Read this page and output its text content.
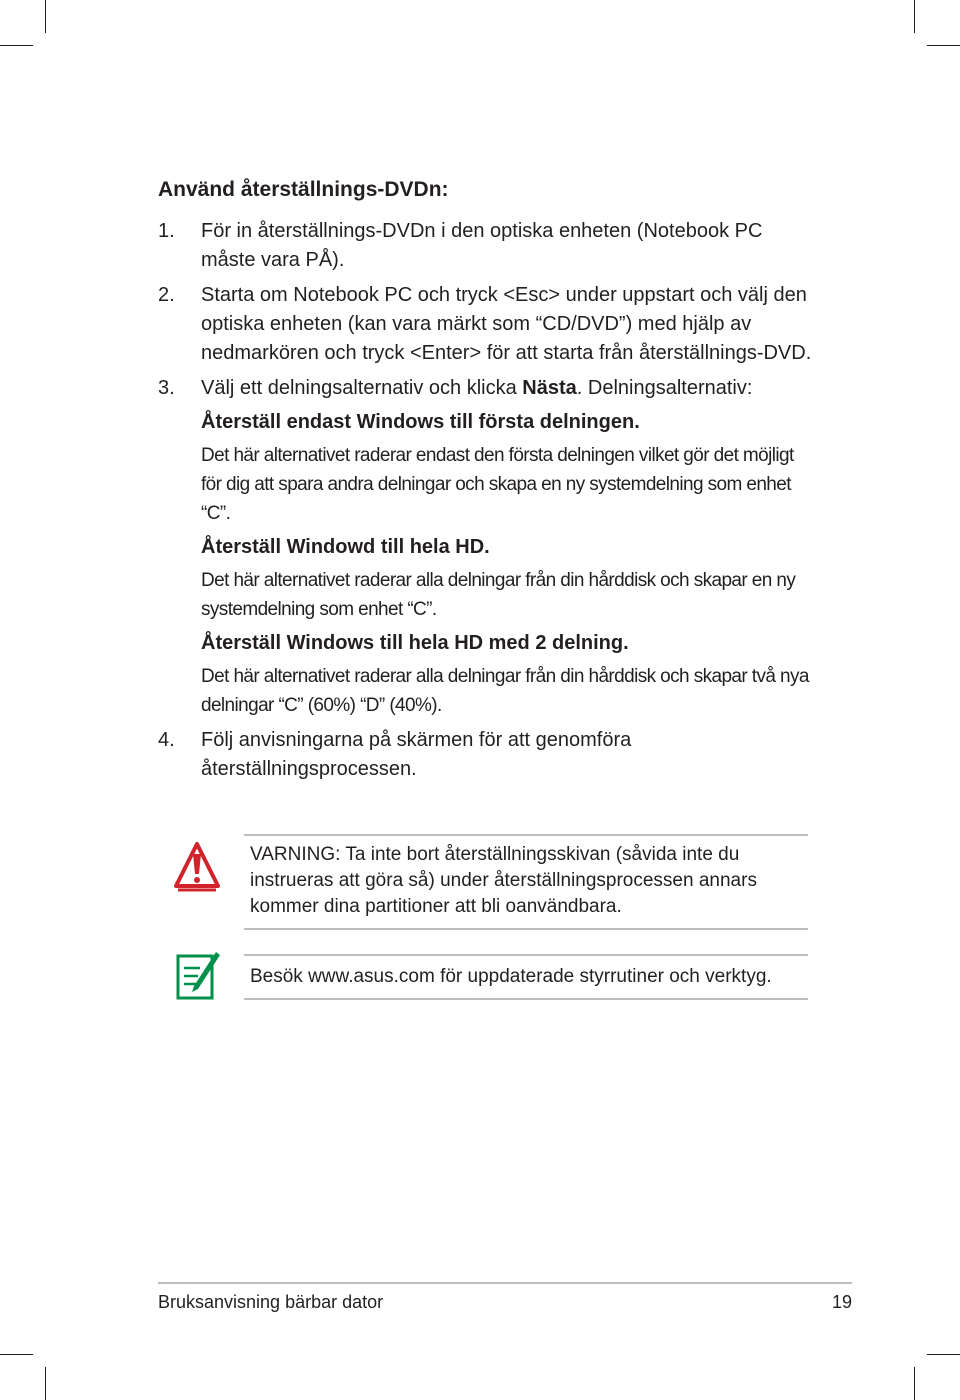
Använd återställnings-DVDn:
1.	För in återställnings-DVDn i den optiska enheten (Notebook PC måste vara PÅ).
2.	Starta om Notebook PC och tryck <Esc> under uppstart och välj den optiska enheten (kan vara märkt som “CD/DVD”) med hjälp av nedmarkören och tryck <Enter> för att starta från återställnings-DVD.
3.	Välj ett delningsalternativ och klicka Nästa. Delningsalternativ:
Återställ endast Windows till första delningen.
Det här alternativet raderar endast den första delningen vilket gör det möjligt för dig att spara andra delningar och skapa en ny systemdelning som enhet “C”.
Återställ Windowd till hela HD.
Det här alternativet raderar alla delningar från din hårddisk och skapar en ny systemdelning som enhet “C”.
Återställ Windows till hela HD med 2 delning.
Det här alternativet raderar alla delningar från din hårddisk och skapar två nya delningar “C” (60%) “D” (40%).
4.	Följ anvisningarna på skärmen för att genomföra återställningsprocessen.
VARNING: Ta inte bort återställningsskivan (såvida inte du instrueras att göra så) under återställningsprocessen annars kommer dina partitioner att bli oanvändbara.
Besök www.asus.com för uppdaterade styrrutiner och verktyg.
Bruksanvisning bärbar dator	19
